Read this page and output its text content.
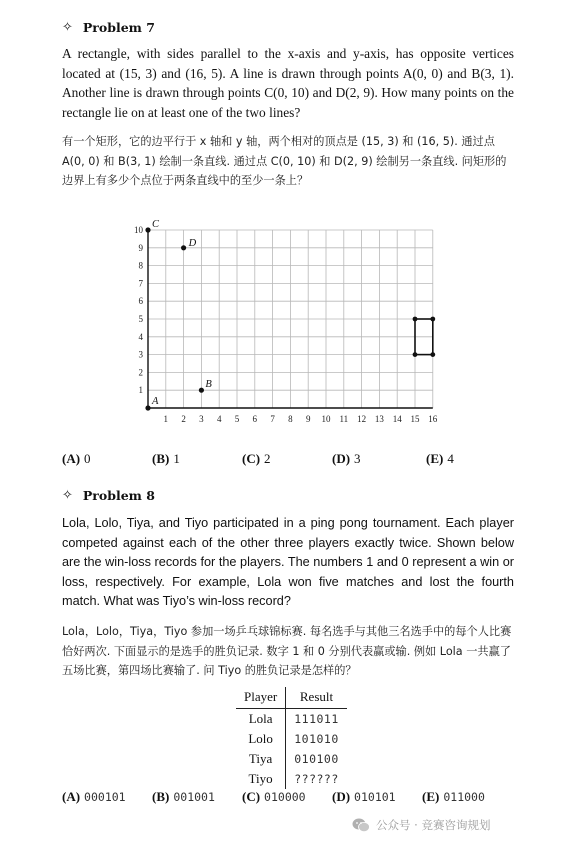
✧ Problem 7
A rectangle, with sides parallel to the x-axis and y-axis, has opposite vertices located at (15, 3) and (16, 5). A line is drawn through points A(0, 0) and B(3, 1). Another line is drawn through points C(0, 10) and D(2, 9). How many points on the rectangle lie on at least one of the two lines?
有一个矩形，它的边平行于 x 轴和 y 轴，两个相对的顶点是 (15, 3) 和 (16, 5). 通过点 A(0, 0) 和 B(3, 1) 绘制一条直线. 通过点 C(0, 10) 和 D(2, 9) 绘制另一条直线. 问矩形的边界上有多少个点位于两条直线中的至少一条上？
1 2 3 4 5 6 7 8 9 10 11 12 13 14 15 16
1
2
3
4
5
6
7
8
9
10
A
B
C
D
(A) 0	(B) 1	(C) 2	(D) 3	(E) 4
✧ Problem 8
Lola, Lolo, Tiya, and Tiyo participated in a ping pong tournament. Each player competed against each of the other three players exactly twice. Shown below are the win-loss records for the players. The numbers 1 and 0 represent a win or loss, respectively. For example, Lola won five matches and lost the fourth match. What was Tiyo’s win-loss record?
Lola，Lolo，Tiya，Tiyo 参加一场乒乓球锦标赛. 每名选手与其他三名选手中的每个人比赛恰好两次. 下面显示的是选手的胜负记录. 数字 1 和 0 分别代表赢或输. 例如 Lola 一共赢了五场比赛，第四场比赛输了. 问 Tiyo 的胜负记录是怎样的？
Player	Result
Lola	111011
Lolo	101010
Tiya	010100
Tiyo	??????
(A) 000101 (B) 001001 (C) 010000 (D) 010101 (E) 011000
公众号 · 竞赛咨询规划
